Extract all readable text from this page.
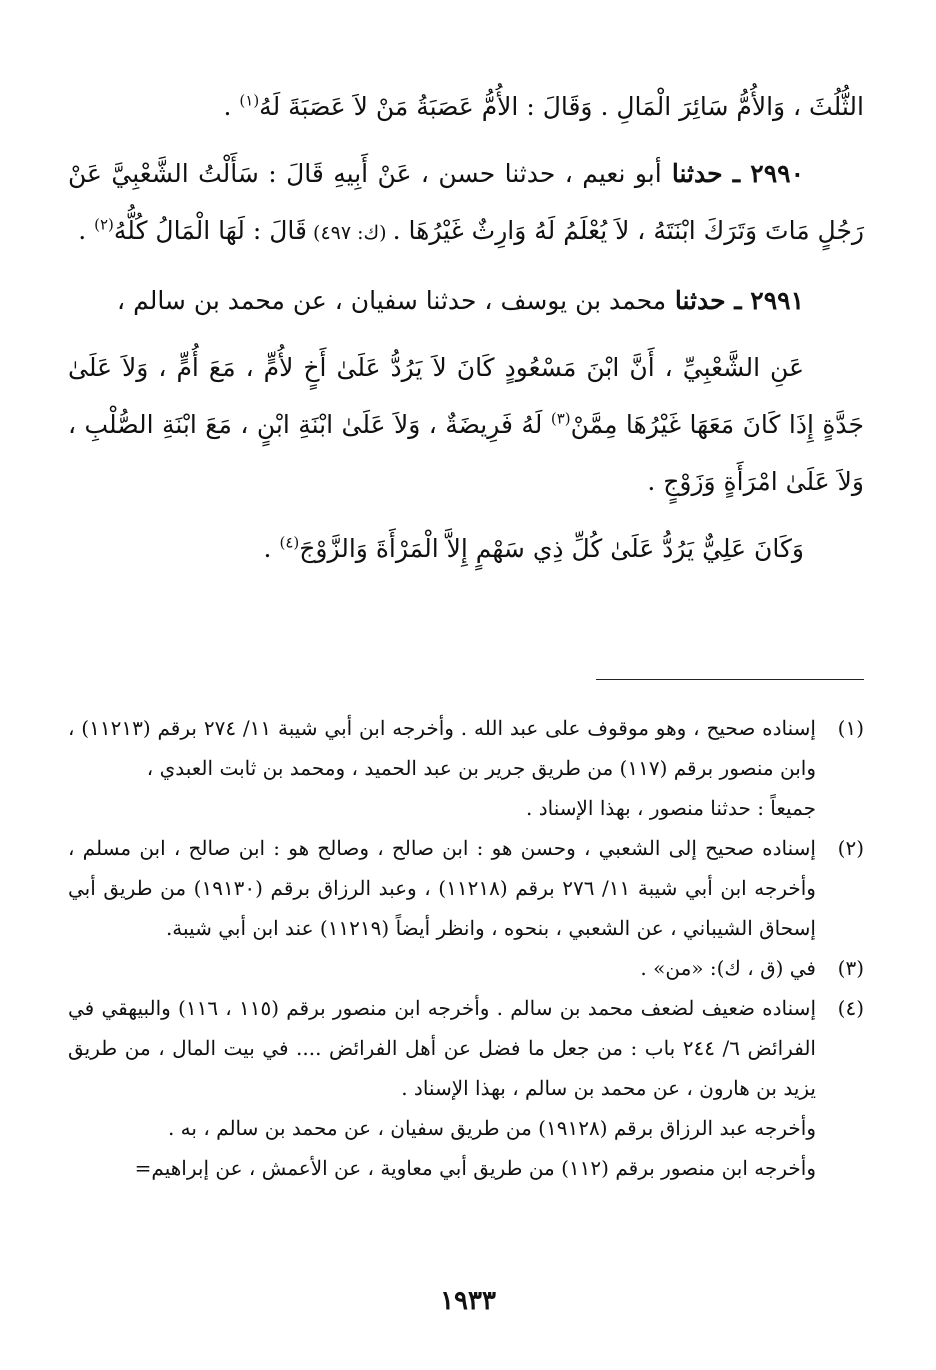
الثُّلُثَ ، وَالأُمُّ سَائِرَ الْمَالِ . وَقَالَ : الأُمُّ عَصَبَةُ مَنْ لاَ عَصَبَةَ لَهُ$^{(١)}$ .

٢٩٩٠ ـ حدثنا أبو نعيم ، حدثنا حسن ، عَنْ أَبِيهِ قَالَ : سَأَلْتُ الشَّعْبِيَّ عَنْ رَجُلٍ مَاتَ وَتَرَكَ ابْنَتَهُ ، لاَ يُعْلَمُ لَهُ وَارِثٌ غَيْرُهَا . (ك: ٤٩٧) قَالَ : لَهَا الْمَالُ كُلُّهُ$^{(٢)}$ .

٢٩٩١ ـ حدثنا محمد بن يوسف ، حدثنا سفيان ، عن محمد بن سالم ،

عَنِ الشَّعْبِيِّ ، أَنَّ ابْنَ مَسْعُودٍ كَانَ لاَ يَرُدُّ عَلَىٰ أَخٍ لأُمٍّ ، مَعَ أُمٍّ ، وَلاَ عَلَىٰ جَدَّةٍ إِذَا كَانَ مَعَهَا غَيْرُهَا مِمَّنْ$^{(٣)}$ لَهُ فَرِيضَةٌ ، وَلاَ عَلَىٰ ابْنَةِ ابْنٍ ، مَعَ ابْنَةِ الصُّلْبِ ، وَلاَ عَلَىٰ امْرَأَةٍ وَزَوْجٍ .

وَكَانَ عَلِيٌّ يَرُدُّ عَلَىٰ كُلِّ ذِي سَهْمٍ إِلاَّ الْمَرْأَةَ وَالزَّوْجَ$^{(٤)}$ .

(١)

إسناده صحيح ، وهو موقوف على عبد الله . وأخرجه ابن أبي شيبة ١١/ ٢٧٤ برقم (١١٢١٣) ، وابن منصور برقم (١١٧) من طريق جرير بن عبد الحميد ، ومحمد بن ثابت العبدي ،

جميعاً : حدثنا منصور ، بهذا الإسناد .

(٢)

إسناده صحيح إلى الشعبي ، وحسن هو : ابن صالح ، وصالح هو : ابن صالح ، ابن مسلم ، وأخرجه ابن أبي شيبة ١١/ ٢٧٦ برقم (١١٢١٨) ، وعبد الرزاق برقم (١٩١٣٠) من طريق أبي إسحاق الشيباني ، عن الشعبي ، بنحوه ، وانظر أيضاً (١١٢١٩) عند ابن أبي شيبة.

(٣)

في (ق ، ك): «من» .

(٤)

إسناده ضعيف لضعف محمد بن سالم . وأخرجه ابن منصور برقم (١١٥ ، ١١٦) والبيهقي في الفرائض ٦/ ٢٤٤ باب : من جعل ما فضل عن أهل الفرائض .... في بيت المال ، من طريق يزيد بن هارون ، عن محمد بن سالم ، بهذا الإسناد .

وأخرجه عبد الرزاق برقم (١٩١٢٨) من طريق سفيان ، عن محمد بن سالم ، به .

وأخرجه ابن منصور برقم (١١٢) من طريق أبي معاوية ، عن الأعمش ، عن إبراهيم=

١٩٣٣
